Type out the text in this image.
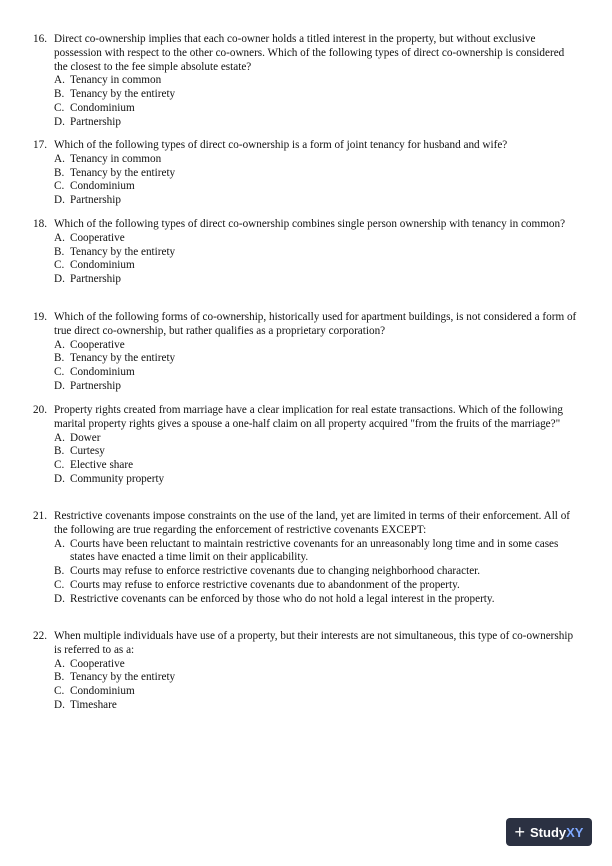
16. Direct co-ownership implies that each co-owner holds a titled interest in the property, but without exclusive possession with respect to the other co-owners. Which of the following types of direct co-ownership is considered the closest to the fee simple absolute estate?
A. Tenancy in common
B. Tenancy by the entirety
C. Condominium
D. Partnership
17. Which of the following types of direct co-ownership is a form of joint tenancy for husband and wife?
A. Tenancy in common
B. Tenancy by the entirety
C. Condominium
D. Partnership
18. Which of the following types of direct co-ownership combines single person ownership with tenancy in common?
A. Cooperative
B. Tenancy by the entirety
C. Condominium
D. Partnership
19. Which of the following forms of co-ownership, historically used for apartment buildings, is not considered a form of true direct co-ownership, but rather qualifies as a proprietary corporation?
A. Cooperative
B. Tenancy by the entirety
C. Condominium
D. Partnership
20. Property rights created from marriage have a clear implication for real estate transactions. Which of the following marital property rights gives a spouse a one-half claim on all property acquired "from the fruits of the marriage?"
A. Dower
B. Curtesy
C. Elective share
D. Community property
21. Restrictive covenants impose constraints on the use of the land, yet are limited in terms of their enforcement. All of the following are true regarding the enforcement of restrictive covenants EXCEPT:
A. Courts have been reluctant to maintain restrictive covenants for an unreasonably long time and in some cases states have enacted a time limit on their applicability.
B. Courts may refuse to enforce restrictive covenants due to changing neighborhood character.
C. Courts may refuse to enforce restrictive covenants due to abandonment of the property.
D. Restrictive covenants can be enforced by those who do not hold a legal interest in the property.
22. When multiple individuals have use of a property, but their interests are not simultaneous, this type of co-ownership is referred to as a:
A. Cooperative
B. Tenancy by the entirety
C. Condominium
D. Timeshare
+ StudyXY
